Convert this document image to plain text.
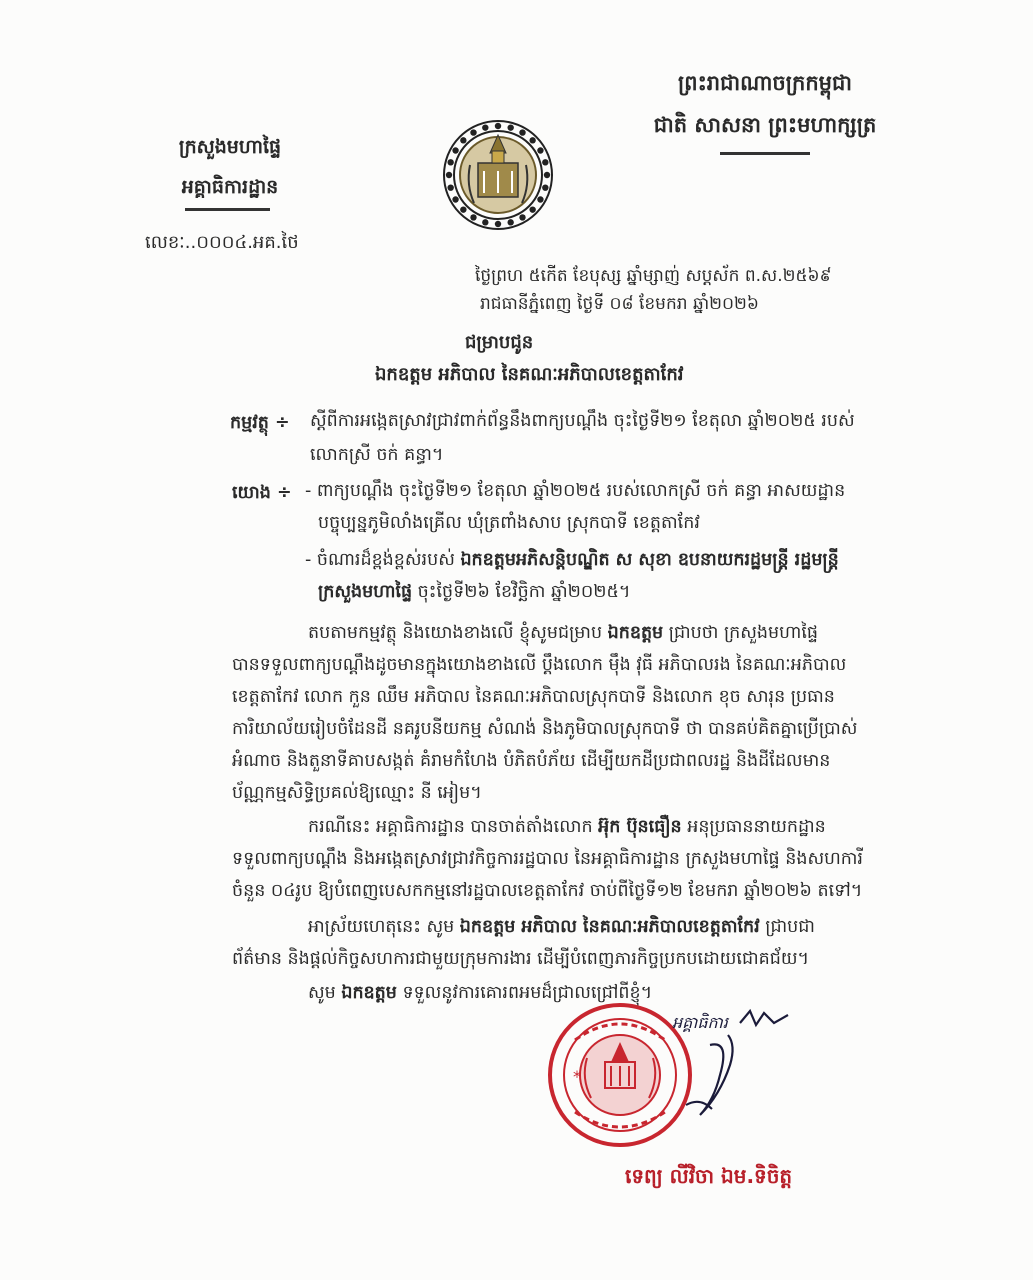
ព្រះរាជាណាចក្រកម្ពុជា
ជាតិ សាសនា ព្រះមហាក្សត្រ
ក្រសួងមហាផ្ទៃ
អគ្គាធិការដ្ឋាន
លេខៈ..០០០៤.អគ.ថៃ
ថ្ងៃព្រហ ៥កើត ខែបុស្ស ឆ្នាំម្សាញ់ សប្តស័ក ព.ស.២៥៦៩
រាជធានីភ្នំពេញ ថ្ងៃទី ០៨ ខែមករា ឆ្នាំ២០២៦
ជម្រាបជូន
ឯកឧត្តម អភិបាល នៃគណៈអភិបាលខេត្តតាកែវ
កម្មវត្ថុ ÷ ស្តីពីការអង្កេតស្រាវជ្រាវពាក់ព័ន្ធនឹងពាក្យបណ្តឹង ចុះថ្ងៃទី២១ ខែតុលា ឆ្នាំ២០២៥ របស់
លោកស្រី ចក់ គន្ធា។
យោង ÷ - ពាក្យបណ្តឹង ចុះថ្ងៃទី២១ ខែតុលា ឆ្នាំ២០២៥ របស់លោកស្រី ចក់ គន្ធា អាសយដ្ឋាន
បច្ចុប្បន្នភូមិលាំងគ្រើល ឃុំត្រពាំងសាប ស្រុកបាទី ខេត្តតាកែវ
- ចំណារដ៏ខ្ពង់ខ្ពស់របស់ ឯកឧត្តមអភិសន្តិបណ្ឌិត ស សុខា ឧបនាយករដ្ឋមន្ត្រី រដ្ឋមន្ត្រី
ក្រសួងមហាផ្ទៃ ចុះថ្ងៃទី២៦ ខែវិច្ឆិកា ឆ្នាំ២០២៥។
តបតាមកម្មវត្ថុ និងយោងខាងលើ ខ្ញុំសូមជម្រាប ឯកឧត្តម ជ្រាបថា ក្រសួងមហាផ្ទៃ
បានទទួលពាក្យបណ្តឹងដូចមានក្នុងយោងខាងលើ ប្តឹងលោក ម៉ឹង វុធី អភិបាលរង នៃគណៈអភិបាល
ខេត្តតាកែវ លោក កួន ឈឹម អភិបាល នៃគណៈអភិបាលស្រុកបាទី និងលោក ខុច សារុន ប្រធាន
ការិយាល័យរៀបចំដែនដី នគរូបនីយកម្ម សំណង់ និងភូមិបាលស្រុកបាទី ថា បានគប់គិតគ្នាប្រើប្រាស់
អំណាច និងតួនាទីគាបសង្កត់ គំរាមកំហែង បំភិតបំភ័យ ដើម្បីយកដីប្រជាពលរដ្ឋ និងដីដែលមាន
ប័ណ្ណកម្មសិទ្ធិប្រគល់ឱ្យឈ្មោះ នី អៀម។
ករណីនេះ អគ្គាធិការដ្ឋាន បានចាត់តាំងលោក អ៊ុក ប៊ុនធឿន អនុប្រធាននាយកដ្ឋាន
ទទួលពាក្យបណ្តឹង និងអង្កេតស្រាវជ្រាវកិច្ចការរដ្ឋបាល នៃអគ្គាធិការដ្ឋាន ក្រសួងមហាផ្ទៃ និងសហការី
ចំនួន ០៤រូប ឱ្យបំពេញបេសកកម្មនៅរដ្ឋបាលខេត្តតាកែវ ចាប់ពីថ្ងៃទី១២ ខែមករា ឆ្នាំ២០២៦ តទៅ។
អាស្រ័យហេតុនេះ សូម ឯកឧត្តម អភិបាល នៃគណៈអភិបាលខេត្តតាកែវ ជ្រាបជា
ព័ត៌មាន និងផ្តល់កិច្ចសហការជាមួយក្រុមការងារ ដើម្បីបំពេញភារកិច្ចប្រកបដោយជោគជ័យ។
សូម ឯកឧត្តម ទទួលនូវការគោរពអមដ៏ជ្រាលជ្រៅពីខ្ញុំ។
*
អគ្គាធិការ
ទេព្យ លីវិចា ឯម.ទិចិត្ត
